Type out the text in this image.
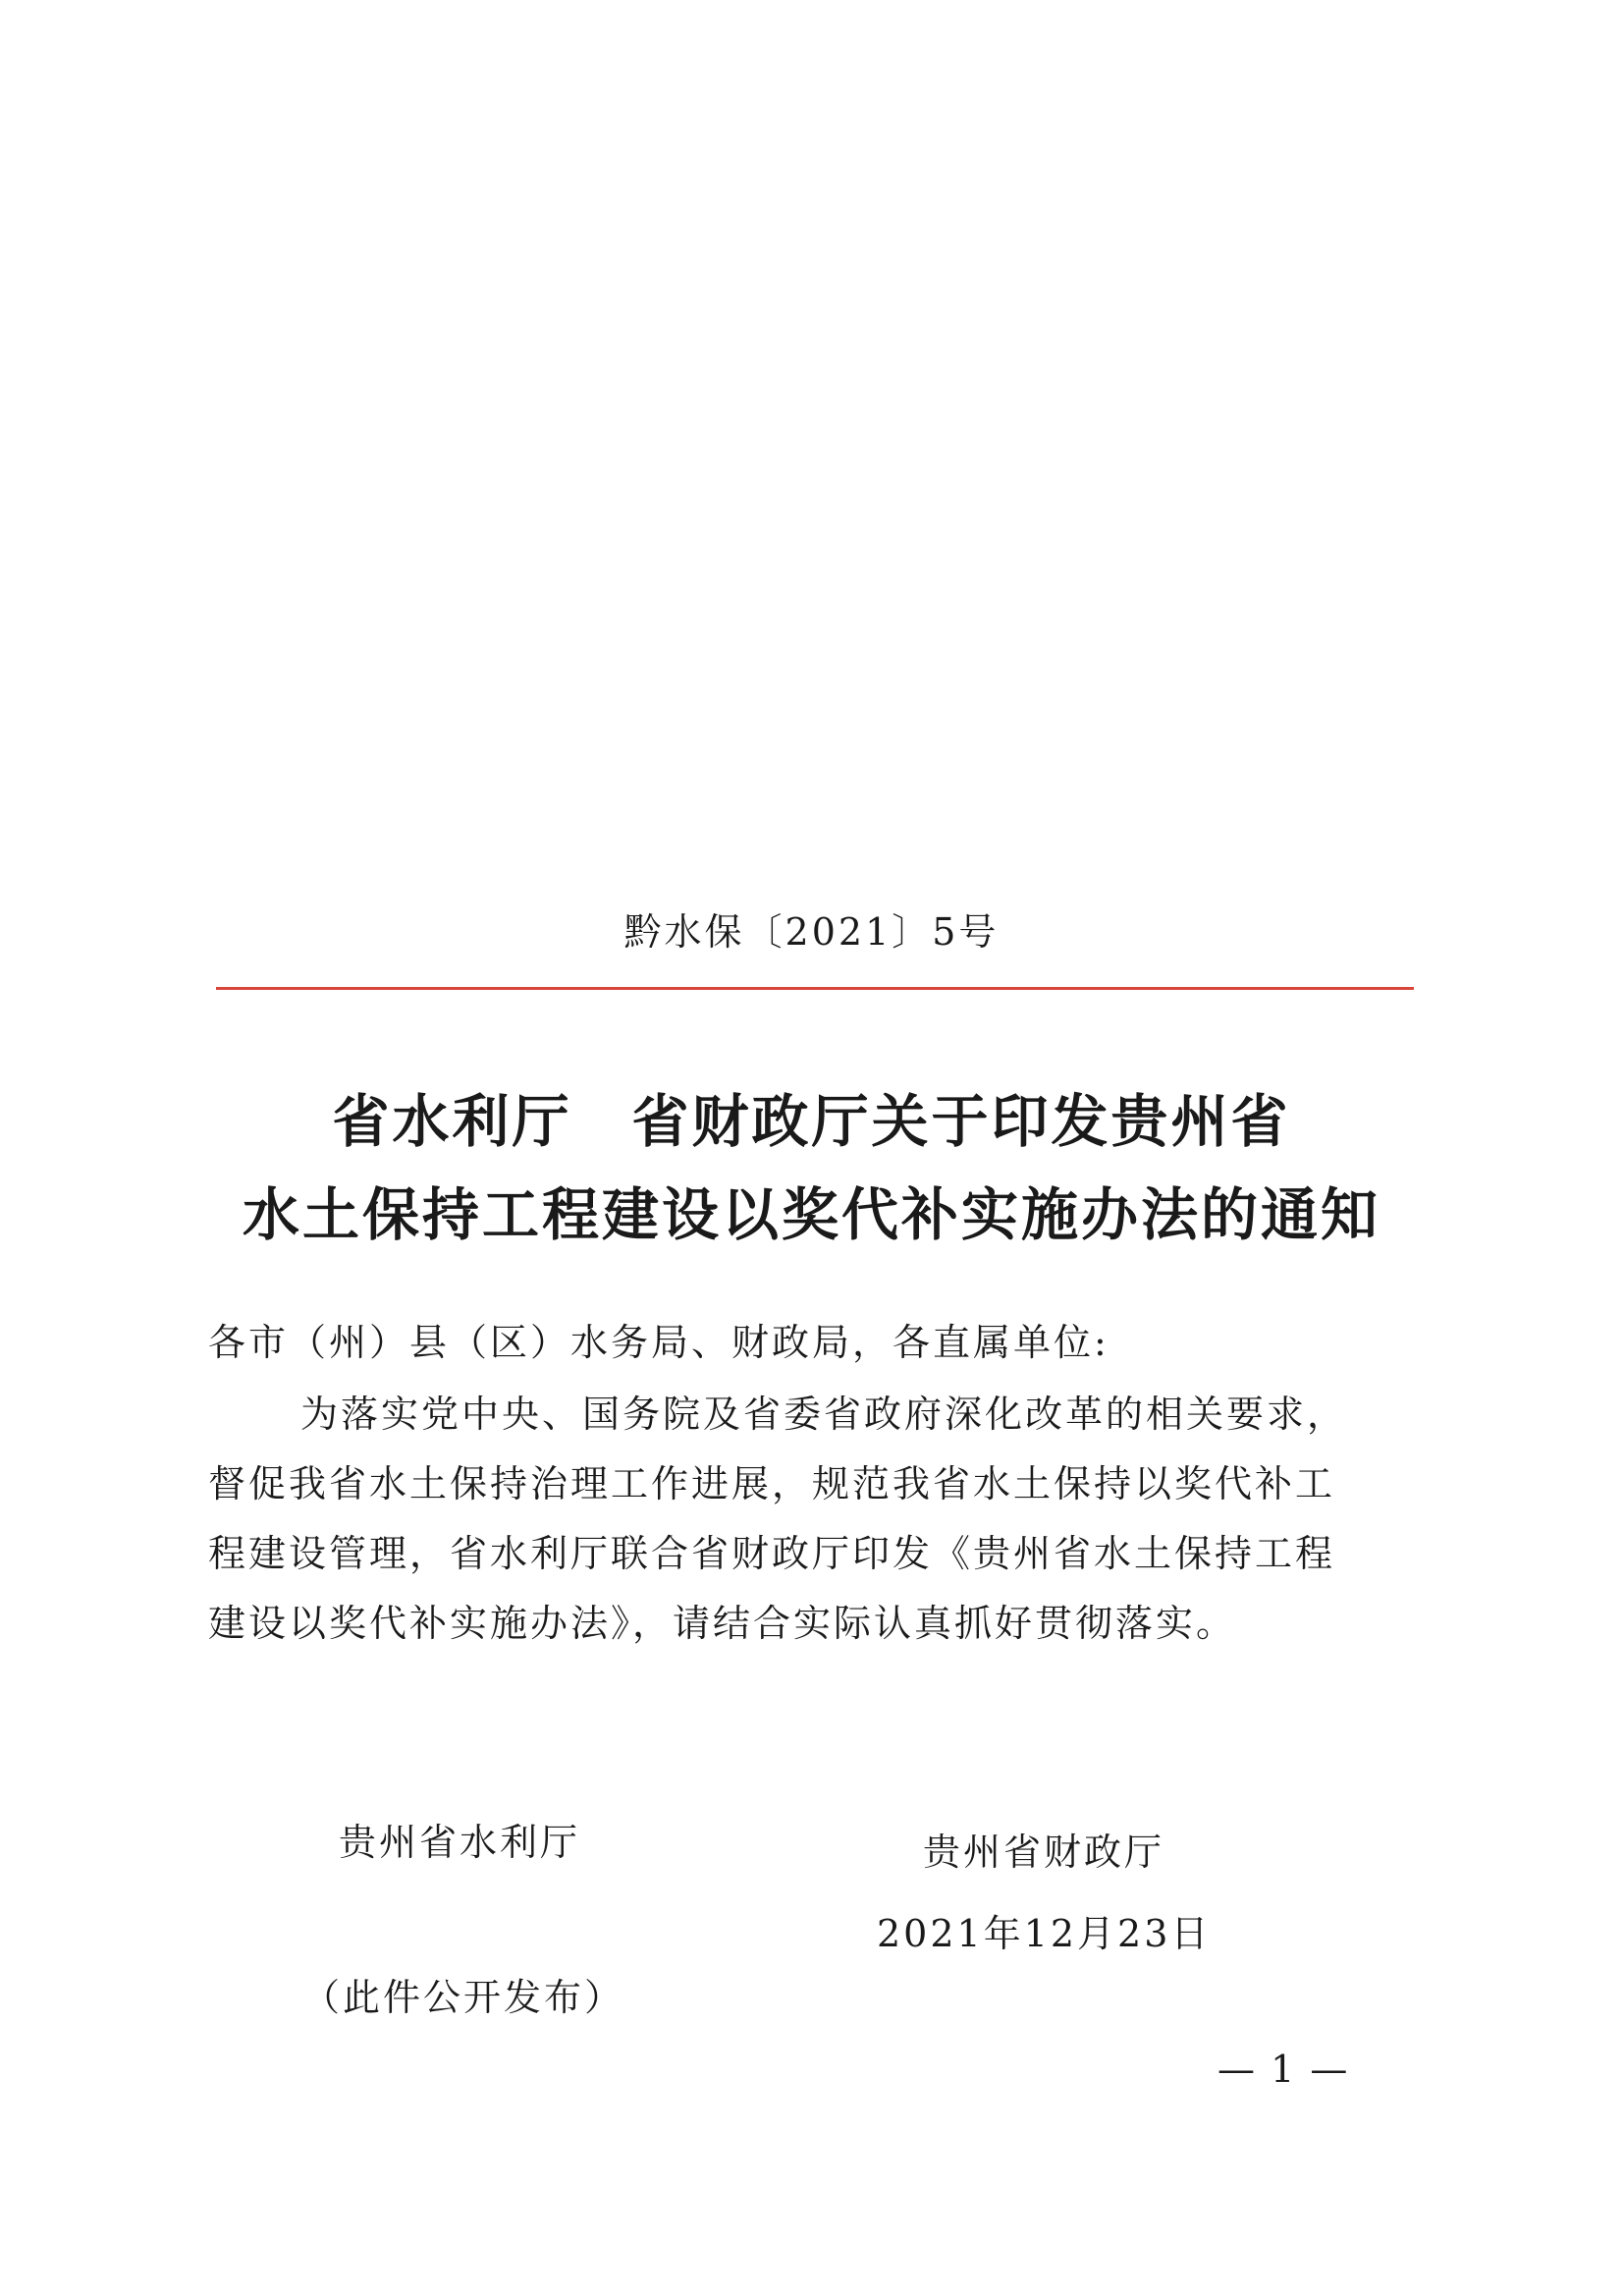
黔水保〔2021〕5号
省水利厅　省财政厅关于印发贵州省
水土保持工程建设以奖代补实施办法的通知
各市（州）县（区）水务局、财政局，各直属单位:
为落实党中央、国务院及省委省政府深化改革的相关要求，
督促我省水土保持治理工作进展，规范我省水土保持以奖代补工
程建设管理，省水利厅联合省财政厅印发《贵州省水土保持工程
建设以奖代补实施办法》，请结合实际认真抓好贯彻落实。
贵州省水利厅	贵州省财政厅
2021年12月23日
（此件公开发布）
— 1 —
